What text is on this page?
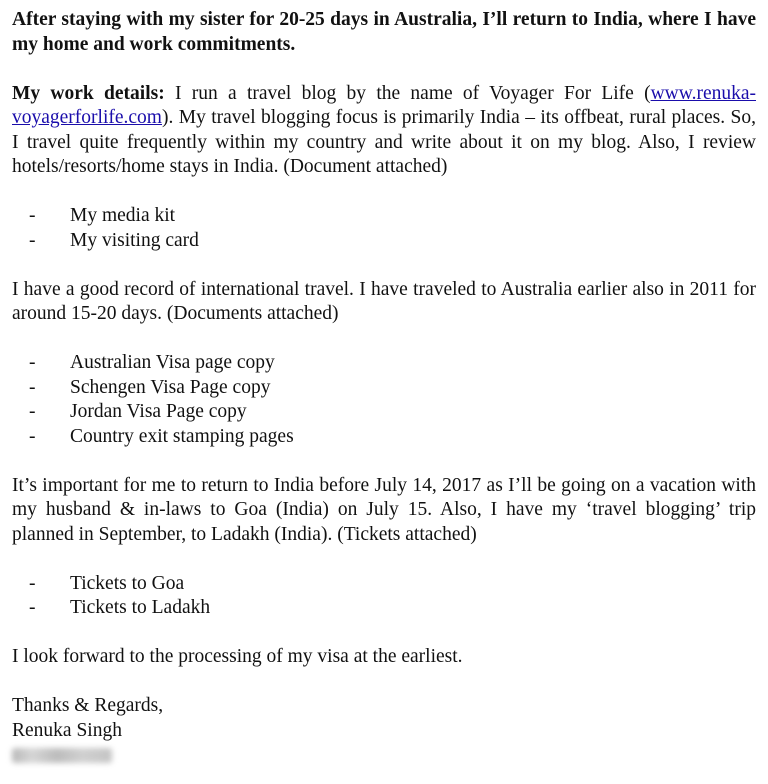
After staying with my sister for 20-25 days in Australia, I’ll return to India, where I have my home and work commitments.

My work details: I run a travel blog by the name of Voyager For Life (www.renuka-voyagerforlife.com). My travel blogging focus is primarily India – its offbeat, rural places. So, I travel quite frequently within my country and write about it on my blog. Also, I review hotels/resorts/home stays in India. (Document attached)

-	My media kit
-	My visiting card

I have a good record of international travel. I have traveled to Australia earlier also in 2011 for around 15-20 days. (Documents attached)

-	Australian Visa page copy
-	Schengen Visa Page copy
-	Jordan Visa Page copy
-	Country exit stamping pages

It’s important for me to return to India before July 14, 2017 as I’ll be going on a vacation with my husband & in-laws to Goa (India) on July 15. Also, I have my ‘travel blogging’ trip planned in September, to Ladakh (India). (Tickets attached)

-	Tickets to Goa
-	Tickets to Ladakh

I look forward to the processing of my visa at the earliest.

Thanks & Regards,

Renuka Singh
